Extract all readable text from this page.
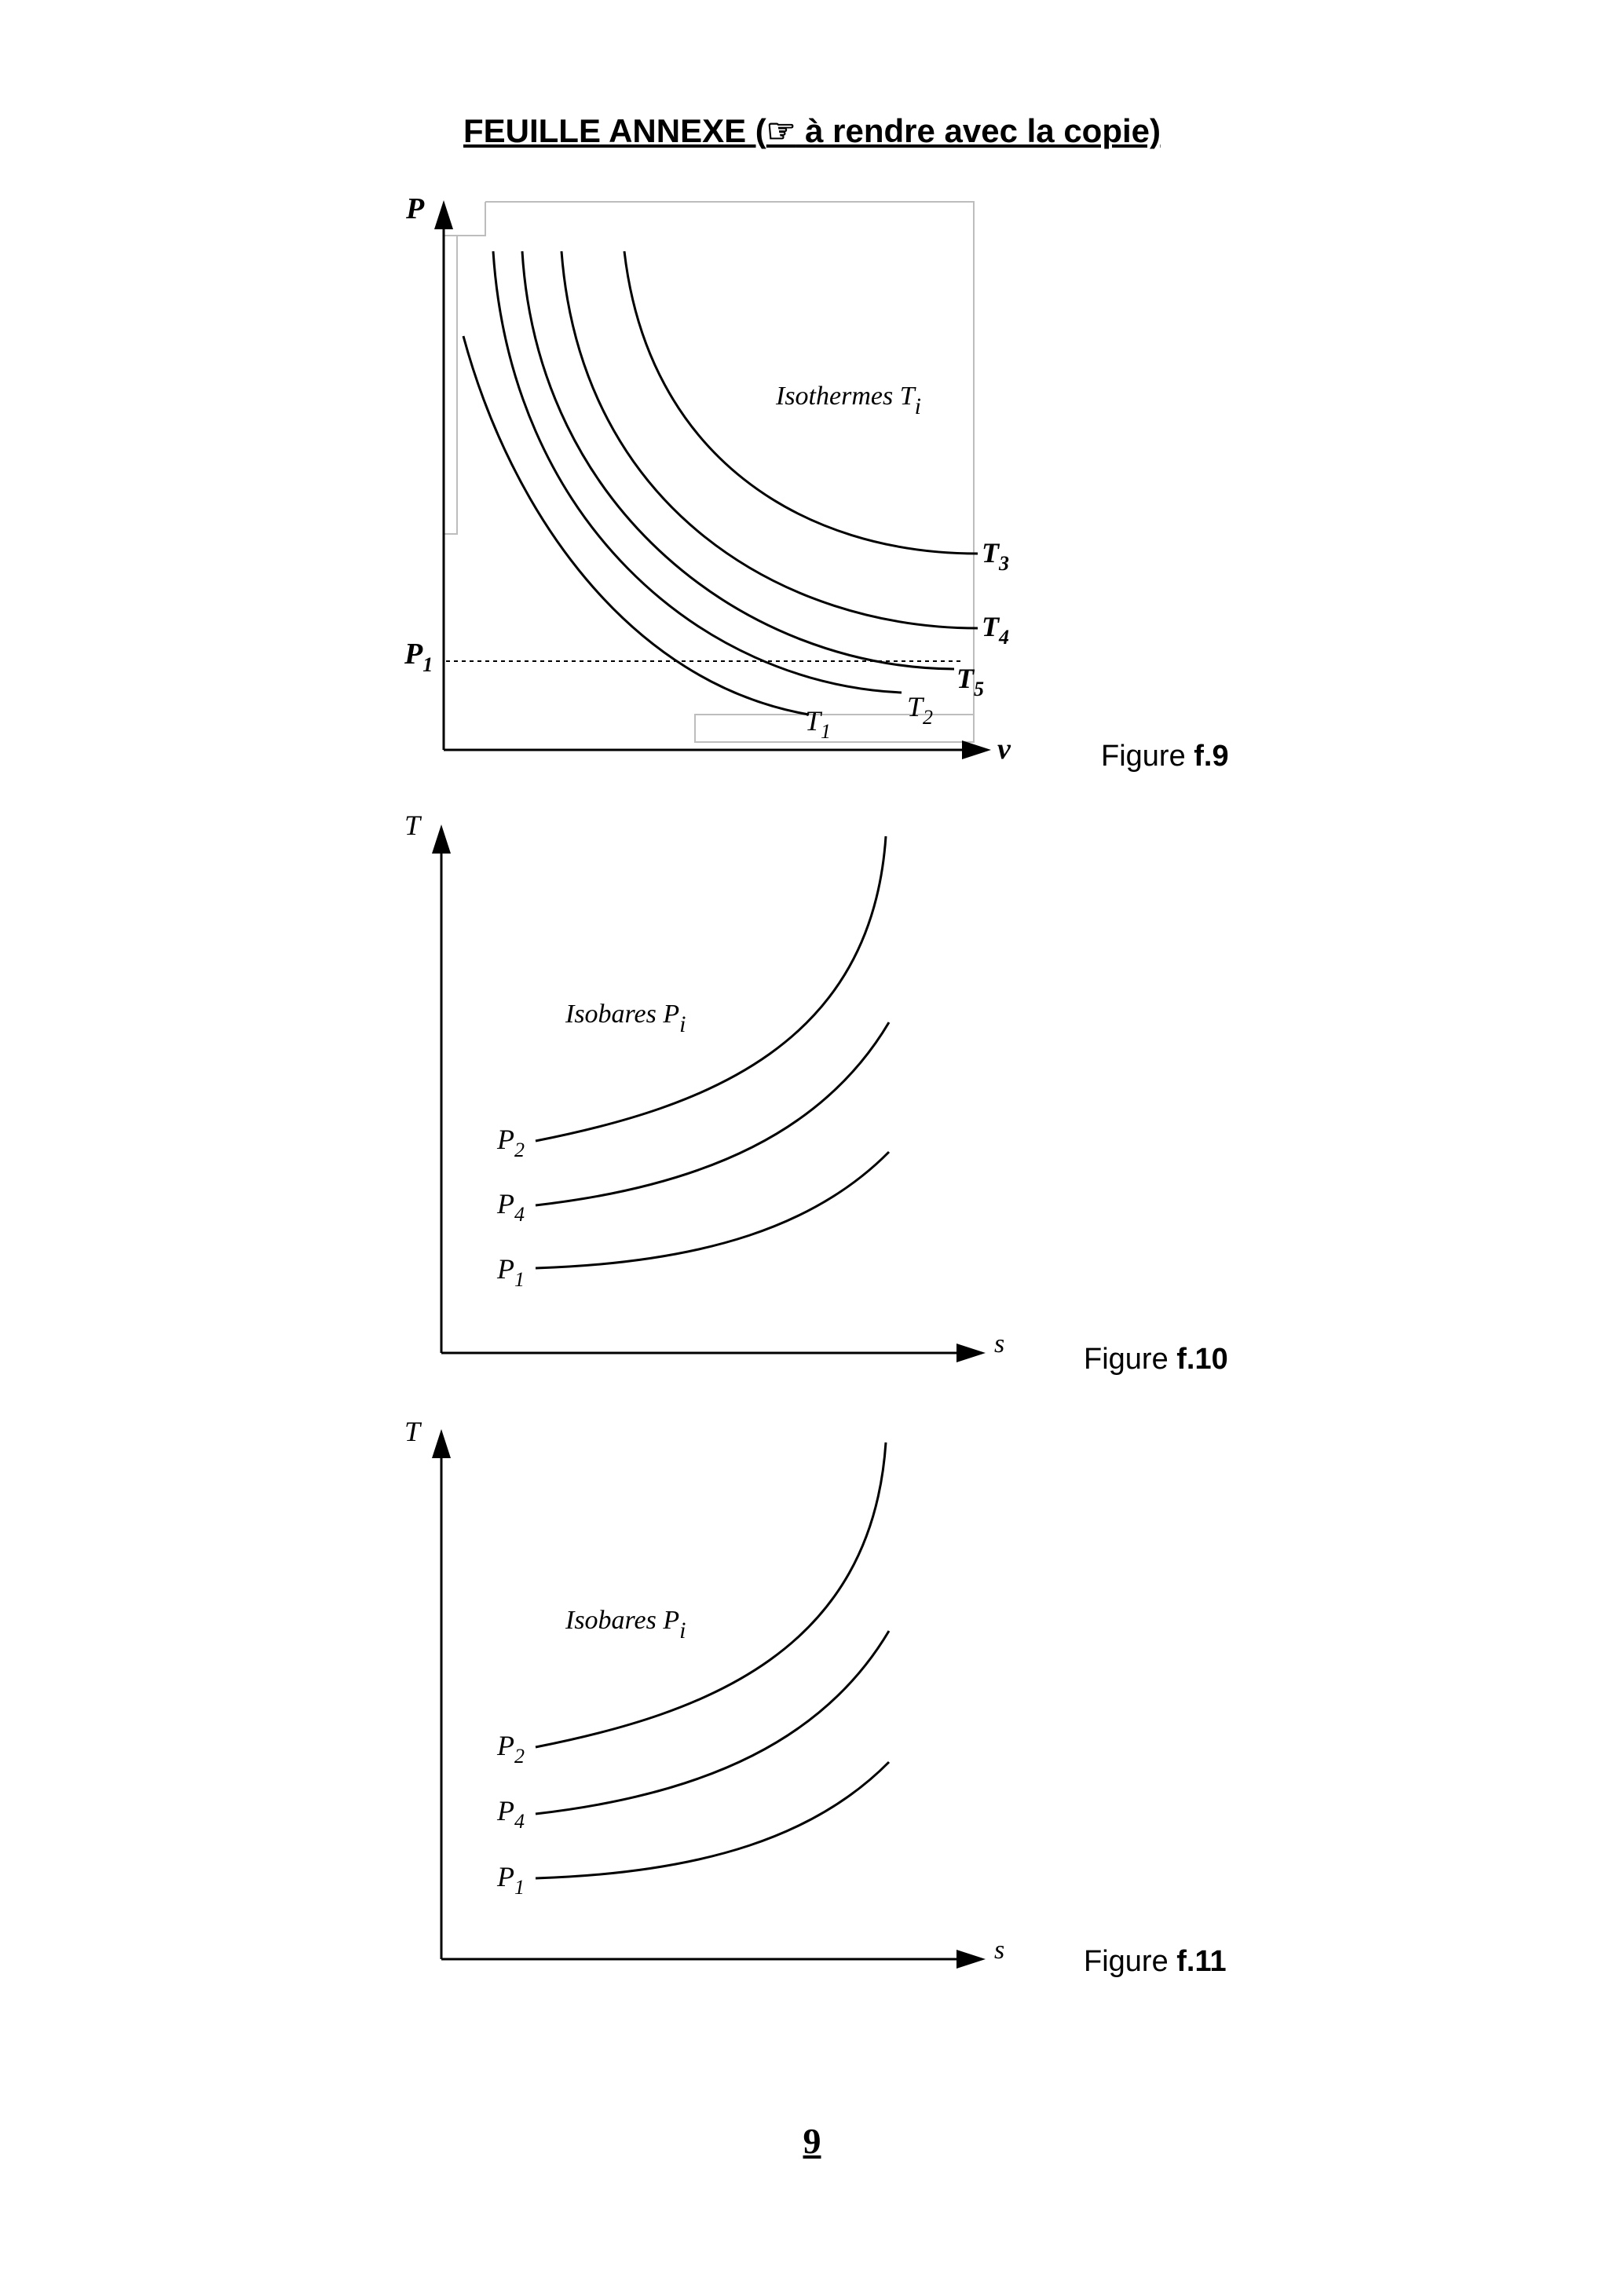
FEUILLE ANNEXE (☞ à rendre avec la copie)
P
v
$P_1$
Isothermes Ti
$T_3$
$T_4$
$T_5$
$T_2$
$T_1$
Figure f.9
T
s
Isobares Pi
$P_2$
$P_4$
$P_1$
Figure f.10
T
s
Isobares Pi
$P_2$
$P_4$
$P_1$
Figure f.11
9
